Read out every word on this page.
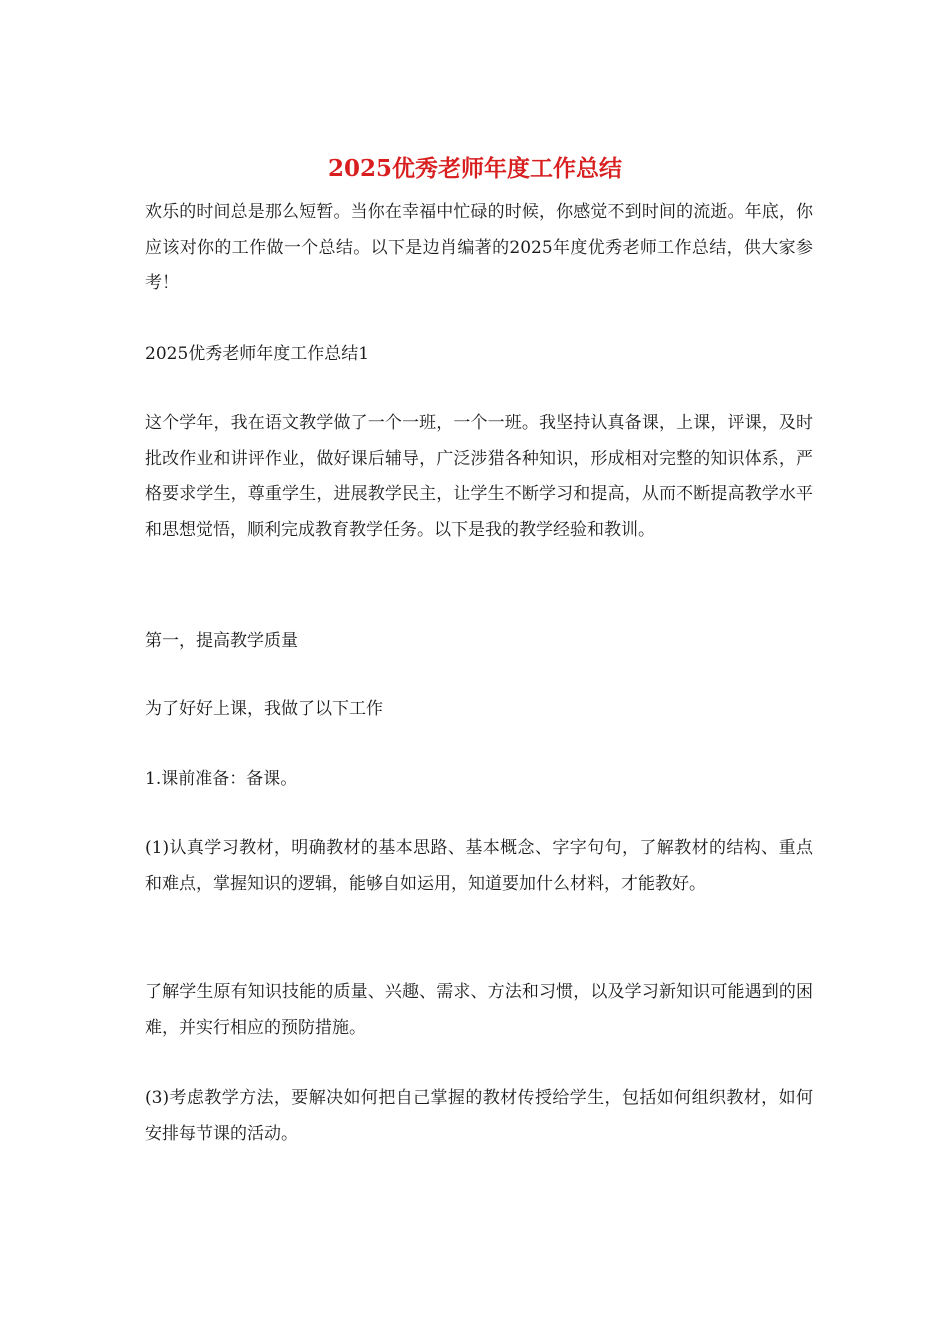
2025优秀老师年度工作总结

欢乐的时间总是那么短暂。当你在幸福中忙碌的时候，你感觉不到时间的流逝。年底，你应该对你的工作做一个总结。以下是边肖编著的2025年度优秀老师工作总结，供大家参考！

2025优秀老师年度工作总结1

这个学年，我在语文教学做了一个一班，一个一班。我坚持认真备课，上课，评课，及时批改作业和讲评作业，做好课后辅导，广泛涉猎各种知识，形成相对完整的知识体系，严格要求学生，尊重学生，进展教学民主，让学生不断学习和提高，从而不断提高教学水平和思想觉悟，顺利完成教育教学任务。以下是我的教学经验和教训。

第一，提高教学质量

为了好好上课，我做了以下工作

1.课前准备：备课。

(1)认真学习教材，明确教材的基本思路、基本概念、字字句句，了解教材的结构、重点和难点，掌握知识的逻辑，能够自如运用，知道要加什么材料，才能教好。

了解学生原有知识技能的质量、兴趣、需求、方法和习惯，以及学习新知识可能遇到的困难，并实行相应的预防措施。

(3)考虑教学方法，要解决如何把自己掌握的教材传授给学生，包括如何组织教材，如何安排每节课的活动。
